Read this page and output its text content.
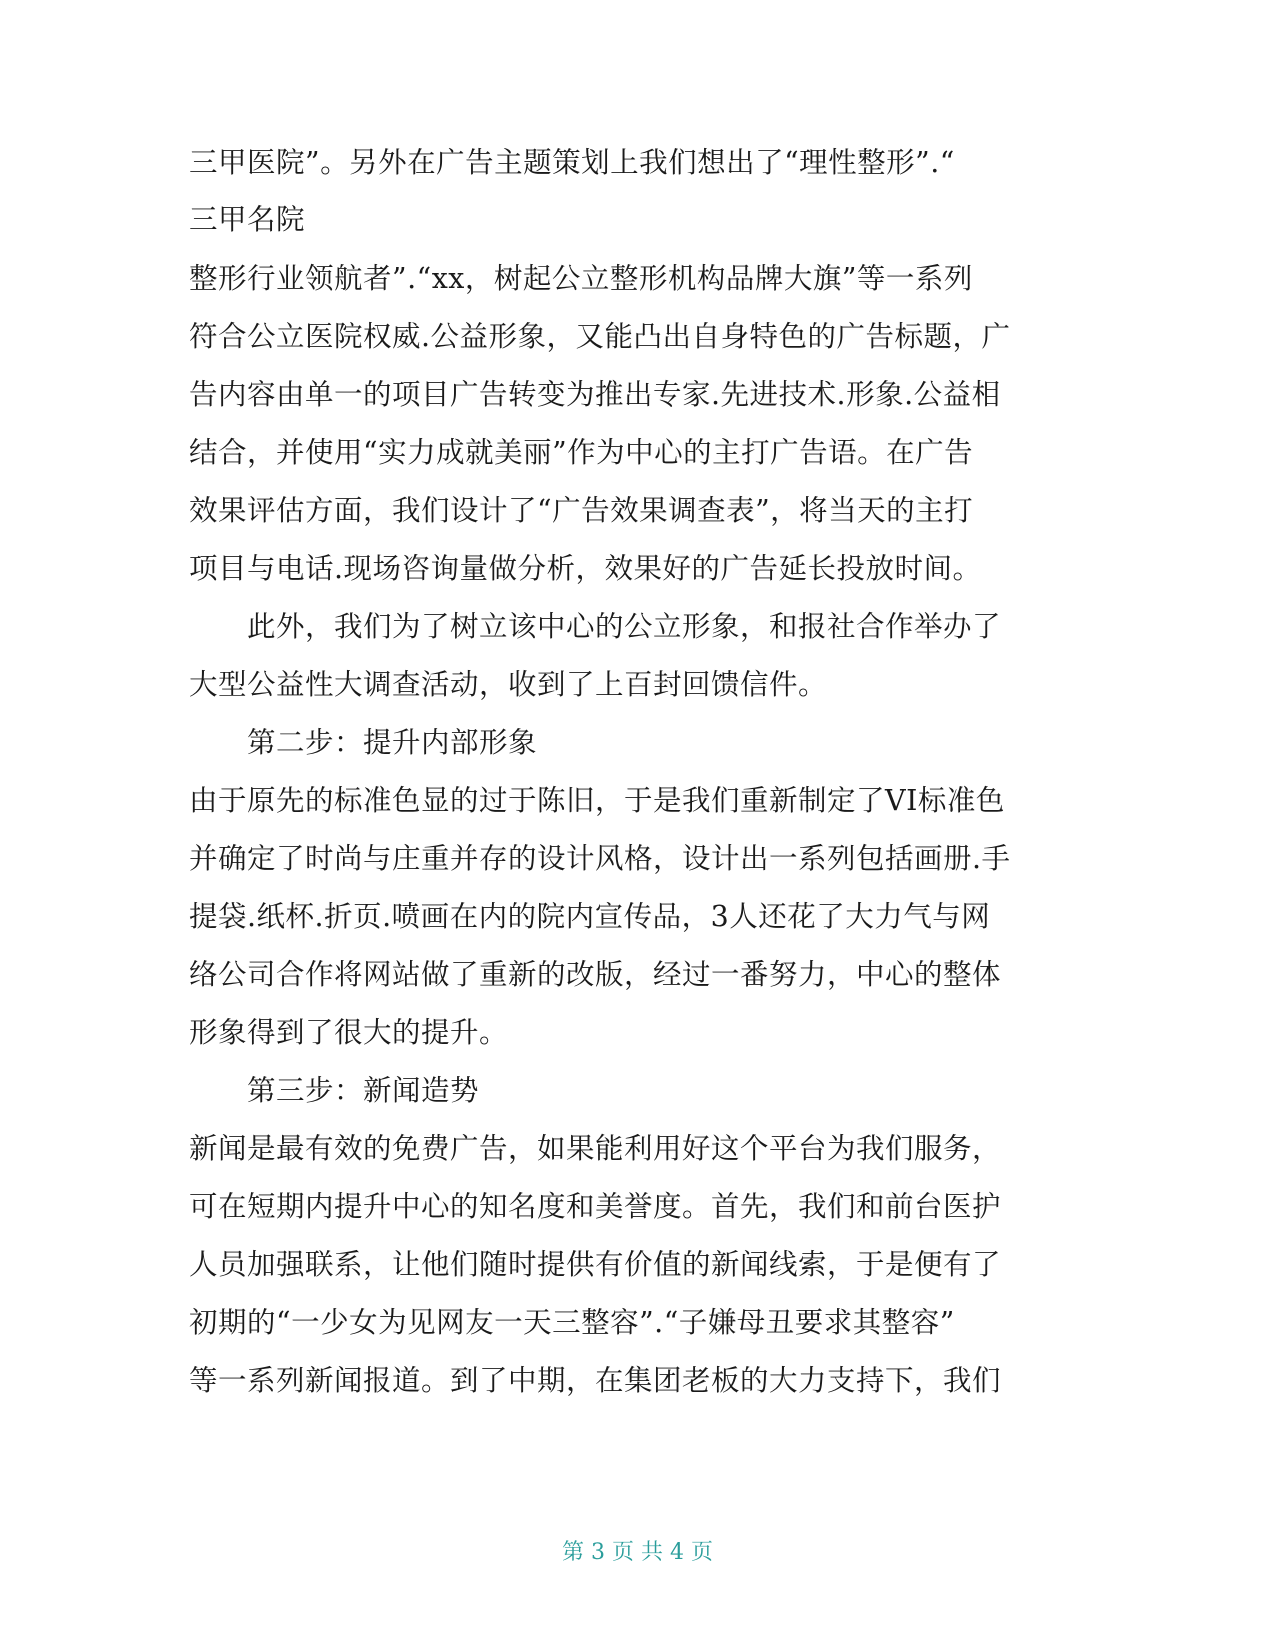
三甲医院”。另外在广告主题策划上我们想出了“理性整形”.“
三甲名院
整形行业领航者”.“xx，树起公立整形机构品牌大旗”等一系列
符合公立医院权威.公益形象，又能凸出自身特色的广告标题，广
告内容由单一的项目广告转变为推出专家.先进技术.形象.公益相
结合，并使用“实力成就美丽”作为中心的主打广告语。在广告
效果评估方面，我们设计了“广告效果调查表”，将当天的主打
项目与电话.现场咨询量做分析，效果好的广告延长投放时间。
此外，我们为了树立该中心的公立形象，和报社合作举办了
大型公益性大调查活动，收到了上百封回馈信件。
第二步：提升内部形象
由于原先的标准色显的过于陈旧，于是我们重新制定了VI标准色
并确定了时尚与庄重并存的设计风格，设计出一系列包括画册.手
提袋.纸杯.折页.喷画在内的院内宣传品，3人还花了大力气与网
络公司合作将网站做了重新的改版，经过一番努力，中心的整体
形象得到了很大的提升。
第三步：新闻造势
新闻是最有效的免费广告，如果能利用好这个平台为我们服务，
可在短期内提升中心的知名度和美誉度。首先，我们和前台医护
人员加强联系，让他们随时提供有价值的新闻线索，于是便有了
初期的“一少女为见网友一天三整容”.“子嫌母丑要求其整容”
等一系列新闻报道。到了中期，在集团老板的大力支持下，我们
第 3 页 共 4 页
